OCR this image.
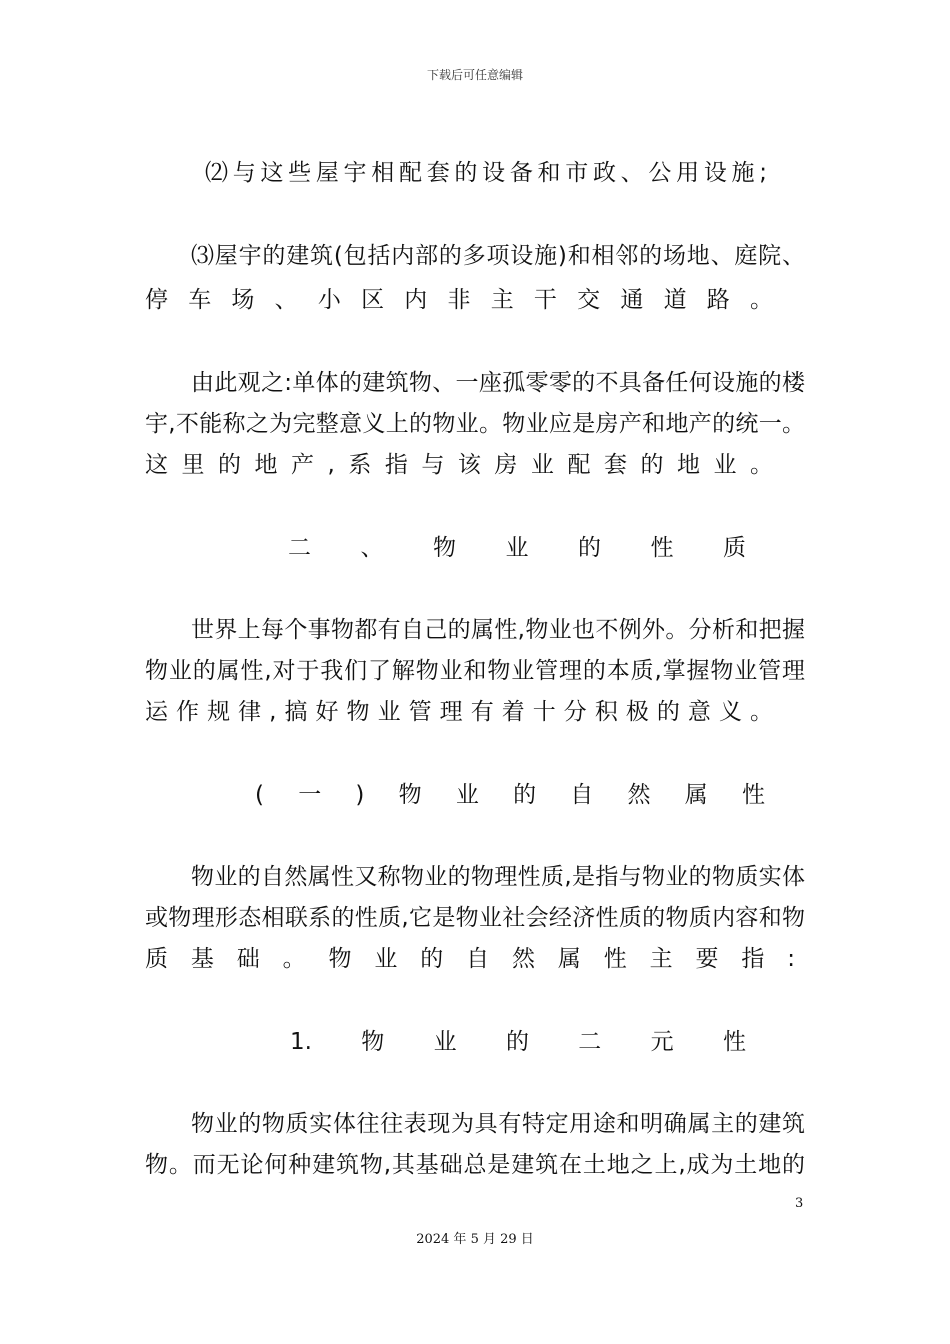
下载后可任意编辑
⑵与这些屋宇相配套的设备和市政、公用设施;
⑶屋宇的建筑(包括内部的多项设施)和相邻的场地、庭院、
停车场、小区内非主干交通道路。
由此观之:单体的建筑物、一座孤零零的不具备任何设施的楼
宇,不能称之为完整意义上的物业。物业应是房产和地产的统一。
这里的地产,系指与该房业配套的地业。
二、物业的性质
世界上每个事物都有自己的属性,物业也不例外。分析和把握
物业的属性,对于我们了解物业和物业管理的本质,掌握物业管理
运作规律,搞好物业管理有着十分积极的意义。
(一)物业的自然属性
物业的自然属性又称物业的物理性质,是指与物业的物质实体
或物理形态相联系的性质,它是物业社会经济性质的物质内容和物
质基础。物业的自然属性主要指:
1.物业的二元性
物业的物质实体往往表现为具有特定用途和明确属主的建筑
物。而无论何种建筑物,其基础总是建筑在土地之上,成为土地的
3
2024 年 5 月 29 日
